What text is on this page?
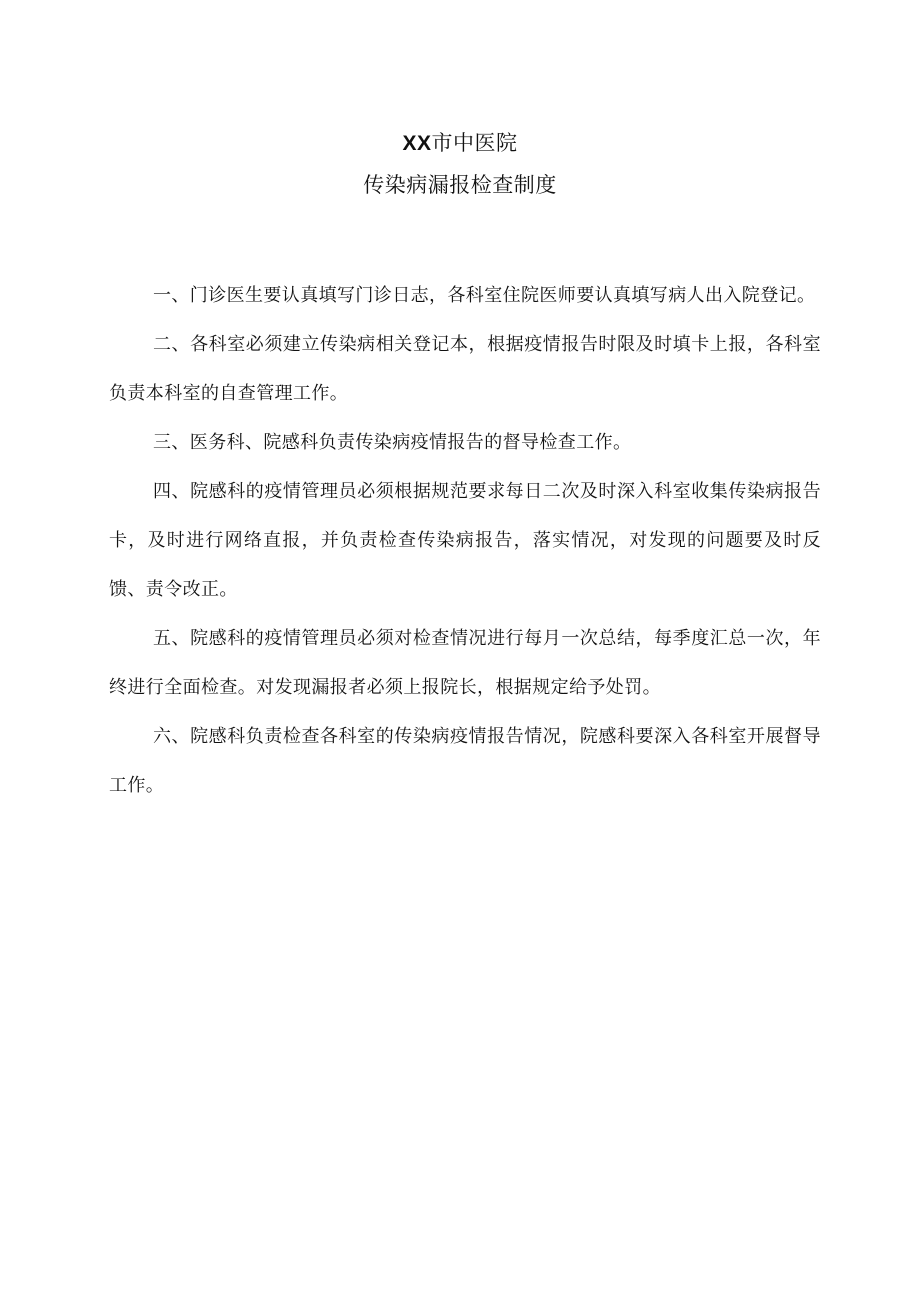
XX市中医院

传染病漏报检查制度

一、门诊医生要认真填写门诊日志，各科室住院医师要认真填写病人出入院登记。

二、各科室必须建立传染病相关登记本，根据疫情报告时限及时填卡上报，各科室负责本科室的自查管理工作。

三、医务科、院感科负责传染病疫情报告的督导检查工作。

四、院感科的疫情管理员必须根据规范要求每日二次及时深入科室收集传染病报告卡，及时进行网络直报，并负责检查传染病报告，落实情况，对发现的问题要及时反馈、责令改正。

五、院感科的疫情管理员必须对检查情况进行每月一次总结，每季度汇总一次，年终进行全面检查。对发现漏报者必须上报院长，根据规定给予处罚。

六、院感科负责检查各科室的传染病疫情报告情况，院感科要深入各科室开展督导工作。
